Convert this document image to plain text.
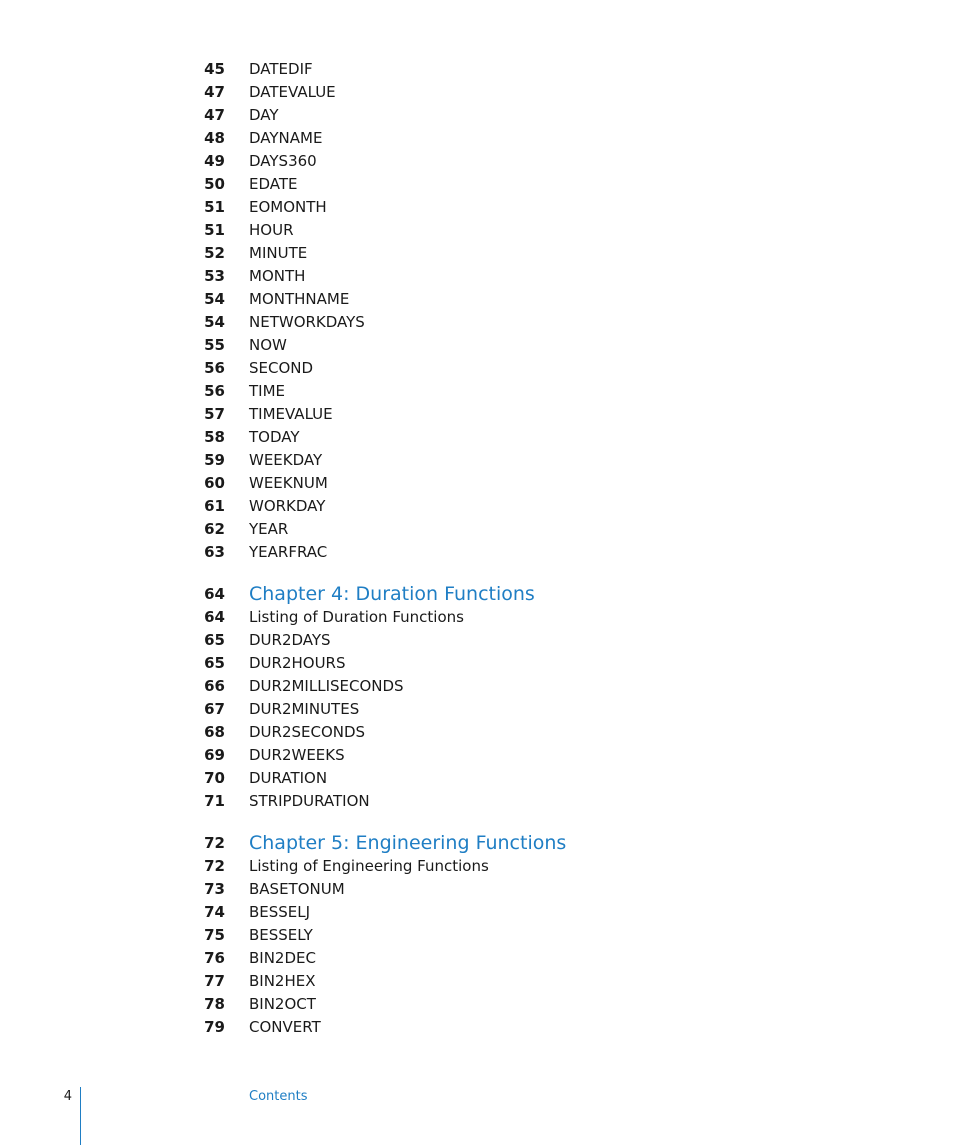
45 DATEDIF
47 DATEVALUE
47 DAY
48 DAYNAME
49 DAYS360
50 EDATE
51 EOMONTH
51 HOUR
52 MINUTE
53 MONTH
54 MONTHNAME
54 NETWORKDAYS
55 NOW
56 SECOND
56 TIME
57 TIMEVALUE
58 TODAY
59 WEEKDAY
60 WEEKNUM
61 WORKDAY
62 YEAR
63 YEARFRAC
64 Chapter 4: Duration Functions
64 Listing of Duration Functions
65 DUR2DAYS
65 DUR2HOURS
66 DUR2MILLISECONDS
67 DUR2MINUTES
68 DUR2SECONDS
69 DUR2WEEKS
70 DURATION
71 STRIPDURATION
72 Chapter 5: Engineering Functions
72 Listing of Engineering Functions
73 BASETONUM
74 BESSELJ
75 BESSELY
76 BIN2DEC
77 BIN2HEX
78 BIN2OCT
79 CONVERT
4	Contents
